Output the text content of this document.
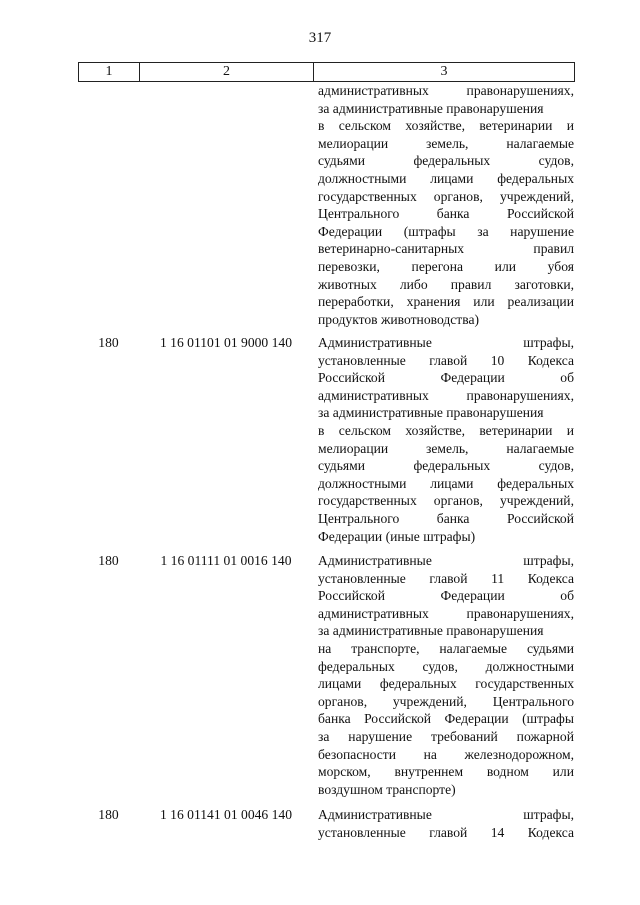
317
1	2	3
административных правонарушениях,
за административные правонарушения
в сельском хозяйстве, ветеринарии и
мелиорации земель, налагаемые
судьями федеральных судов,
должностными лицами федеральных
государственных органов, учреждений,
Центрального банка Российской
Федерации (штрафы за нарушение
ветеринарно-санитарных правил
перевозки, перегона или убоя
животных либо правил заготовки,
переработки, хранения или реализации
продуктов животноводства)
180	1 16 01101 01 9000 140	Административные штрафы,
установленные главой 10 Кодекса
Российской Федерации об
административных правонарушениях,
за административные правонарушения
в сельском хозяйстве, ветеринарии и
мелиорации земель, налагаемые
судьями федеральных судов,
должностными лицами федеральных
государственных органов, учреждений,
Центрального банка Российской
Федерации (иные штрафы)
180	1 16 01111 01 0016 140	Административные штрафы,
установленные главой 11 Кодекса
Российской Федерации об
административных правонарушениях,
за административные правонарушения
на транспорте, налагаемые судьями
федеральных судов, должностными
лицами федеральных государственных
органов, учреждений, Центрального
банка Российской Федерации (штрафы
за нарушение требований пожарной
безопасности на железнодорожном,
морском, внутреннем водном или
воздушном транспорте)
180	1 16 01141 01 0046 140	Административные штрафы,
установленные главой 14 Кодекса
